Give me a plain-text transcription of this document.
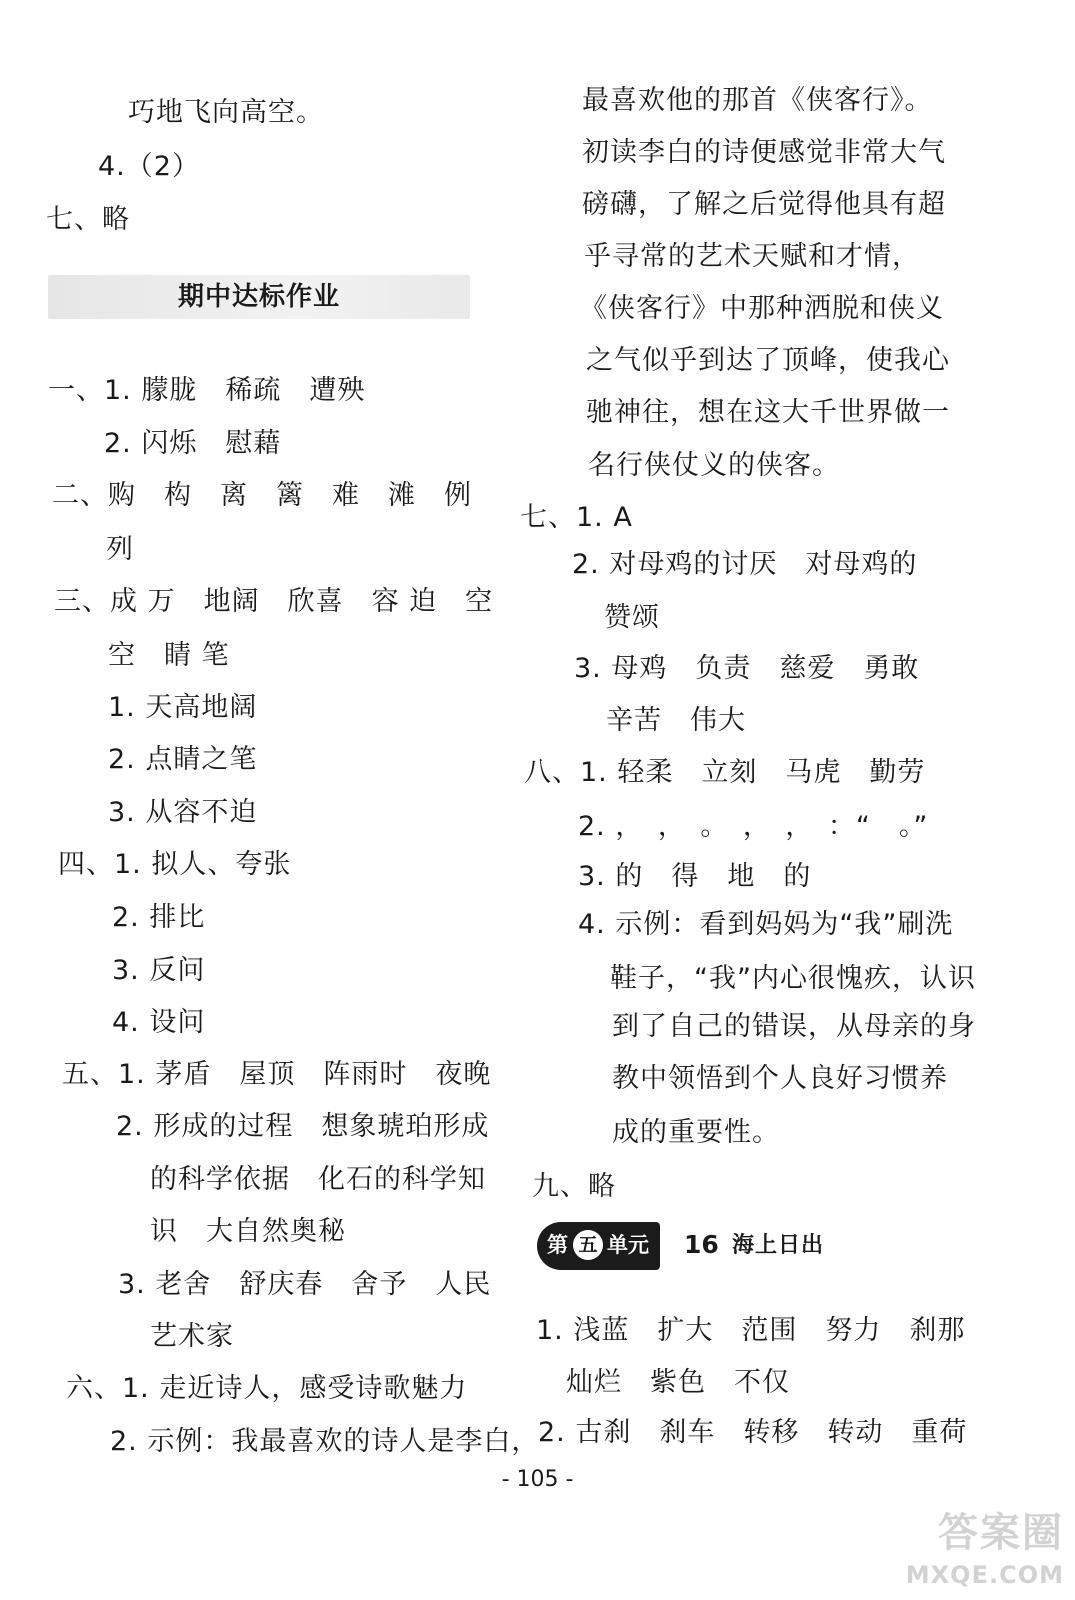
巧地飞向高空。

4.（2）

七、略

期中达标作业

一、1. 朦胧　稀疏　遭殃

2. 闪烁　慰藉

二、购　构　离　篱　难　滩　例

列

三、成 万　地阔　欣喜　容 迫　空

空　睛 笔

1. 天高地阔

2. 点睛之笔

3. 从容不迫

四、1. 拟人、夸张

2. 排比

3. 反问

4. 设问

五、1. 茅盾　屋顶　阵雨时　夜晚

2. 形成的过程　想象琥珀形成

的科学依据　化石的科学知

识　大自然奥秘

3. 老舍　舒庆春　舍予　人民

艺术家

六、1. 走近诗人，感受诗歌魅力

2. 示例：我最喜欢的诗人是李白，

最喜欢他的那首《侠客行》。

初读李白的诗便感觉非常大气

磅礴，了解之后觉得他具有超

乎寻常的艺术天赋和才情，

《侠客行》中那种洒脱和侠义

之气似乎到达了顶峰，使我心

驰神往，想在这大千世界做一

名行侠仗义的侠客。

七、1. A

2. 对母鸡的讨厌　对母鸡的

赞颂

3. 母鸡　负责　慈爱　勇敢

辛苦　伟大

八、1. 轻柔　立刻　马虎　勤劳

2. ，　，　。　，　，　：“　。”

3. 的　得　地　的

4. 示例：看到妈妈为“我”刷洗

鞋子，“我”内心很愧疚，认识

到了自己的错误，从母亲的身

教中领悟到个人良好习惯养

成的重要性。

九、略

第 五 单元 16 海上日出

1. 浅蓝　扩大　范围　努力　刹那

灿烂　紫色　不仅

2. 古刹　刹车　转移　转动　重荷

- 105 -
答案圈
MXQE.COM
